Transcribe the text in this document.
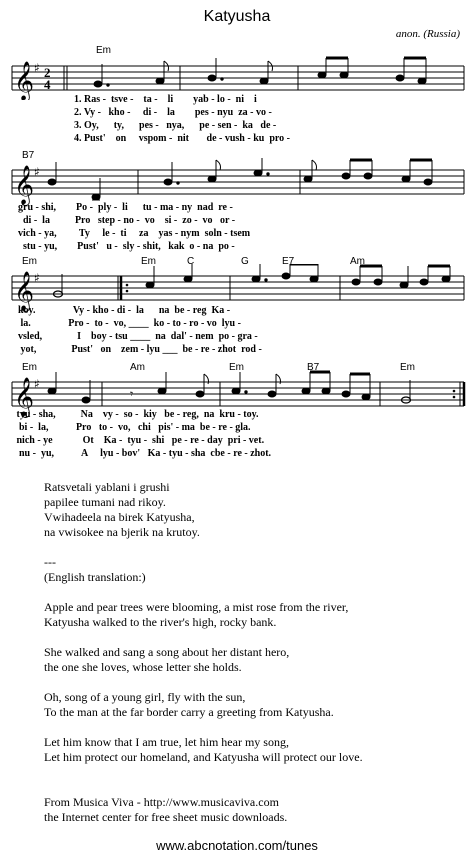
Katyusha
anon. (Russia)
𝄞 ♯ 2
4
Em
1. Ras -  tsve -    ta -    li        yab - lo -  ni    i
2. Vy -   kho -     di -    la        pes - nyu  za - vo -
3. Oy,      ty,      pes -   nya,      pe - sen -  ka   de -
4. Pust'    on     vspom -  nit       de - vush - ku  pro -
𝄞 ♯
B7
gru - shi,        Po -  ply -  li      tu - ma - ny  nad  re -
di -  la          Pro   step - no -  vo    si -  zo -  vo   or -
vich - ya,         Ty     le -  ti     za    yas - nym  soln - tsem
stu - yu,        Pust'   u -  sly - shit,   kak  o - na  po -
𝄞 ♯
Em	Em	C	G	E7	Am
koy.               Vy - kho - di -  la      na  be - reg  Ka -
la.               Pro -  to -  vo, ____  ko - to - ro - vo  lyu -
vsled,              I    boy - tsu ____  na  dal' - nem  po - gra -
yot,              Pust'   on    zem - lyu ___  be - re - zhot  rod -
𝄞 ♯
𝄾
Em	Am	Em	B7	Em
tyu - sha,          Na    vy -  so -  kiy   be - reg,  na  kru - toy.
bi -  la,           Pro   to -  vo,   chi   pis' - ma  be - re - gla.
nich - ye            Ot    Ka -  tyu -  shi   pe - re - day  pri - vet.
nu -  yu,           A     lyu - bov'   Ka - tyu - sha  cbe - re - zhot.
Ratsvetali yablani i grushi
papilee tumani nad rikoy.
Vwihadeela na birek Katyusha,
na vwisokee na bjerik na krutoy.
---
(English translation:)
Apple and pear trees were blooming, a mist rose from the river,
Katyusha walked to the river's high, rocky bank.
She walked and sang a song about her distant hero,
the one she loves, whose letter she holds.
Oh, song of a young girl, fly with the sun,
To the man at the far border carry a greeting from Katyusha.
Let him know that I am true, let him hear my song,
Let him protect our homeland, and Katyusha will protect our love.
From Musica Viva - http://www.musicaviva.com
the Internet center for free sheet music downloads.
www.abcnotation.com/tunes
